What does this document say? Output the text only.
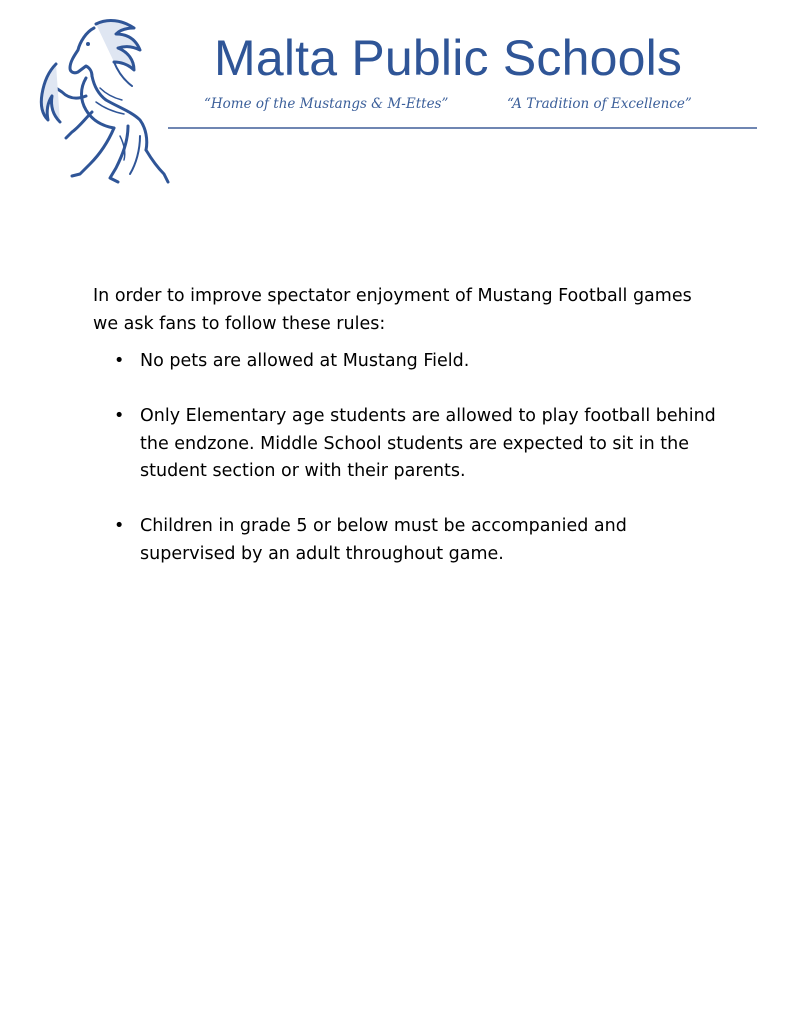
Malta Public Schools
“Home of the Mustangs & M-Ettes”	“A Tradition of Excellence”

In order to improve spectator enjoyment of Mustang Football games
we ask fans to follow these rules:

• No pets are allowed at Mustang Field.
• Only Elementary age students are allowed to play football behind
the endzone. Middle School students are expected to sit in the
student section or with their parents.
• Children in grade 5 or below must be accompanied and
supervised by an adult throughout game.
